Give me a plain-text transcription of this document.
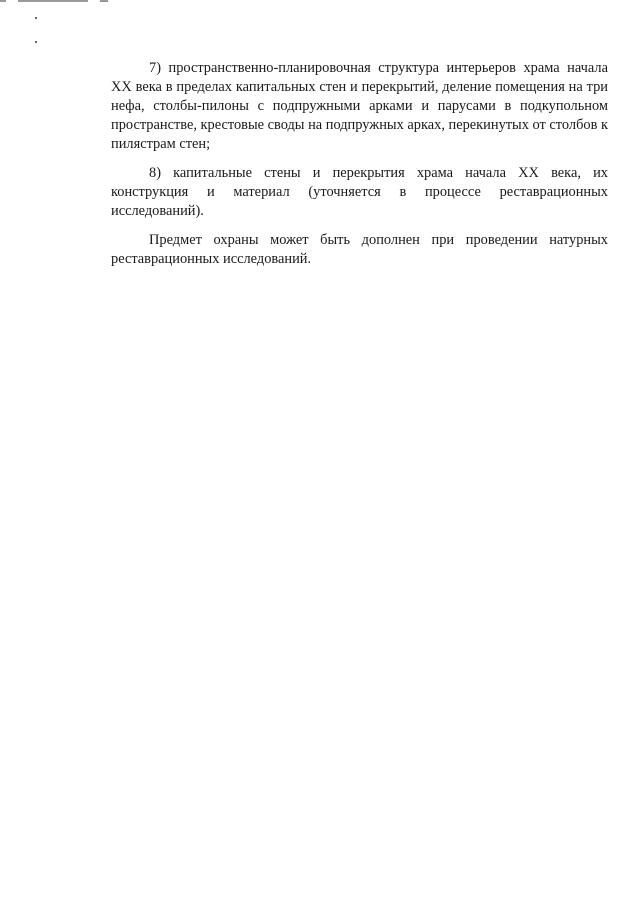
7) пространственно-планировочная структура интерьеров храма начала XX века в пределах капитальных стен и перекрытий, деление помещения на три нефа, столбы-пилоны с подпружными арками и парусами в подкупольном пространстве, крестовые своды на подпружных арках, перекинутых от столбов к пилястрам стен;

8) капитальные стены и перекрытия храма начала XX века, их конструкция и материал (уточняется в процессе реставрационных исследований).

Предмет охраны может быть дополнен при проведении натурных реставрационных исследований.
